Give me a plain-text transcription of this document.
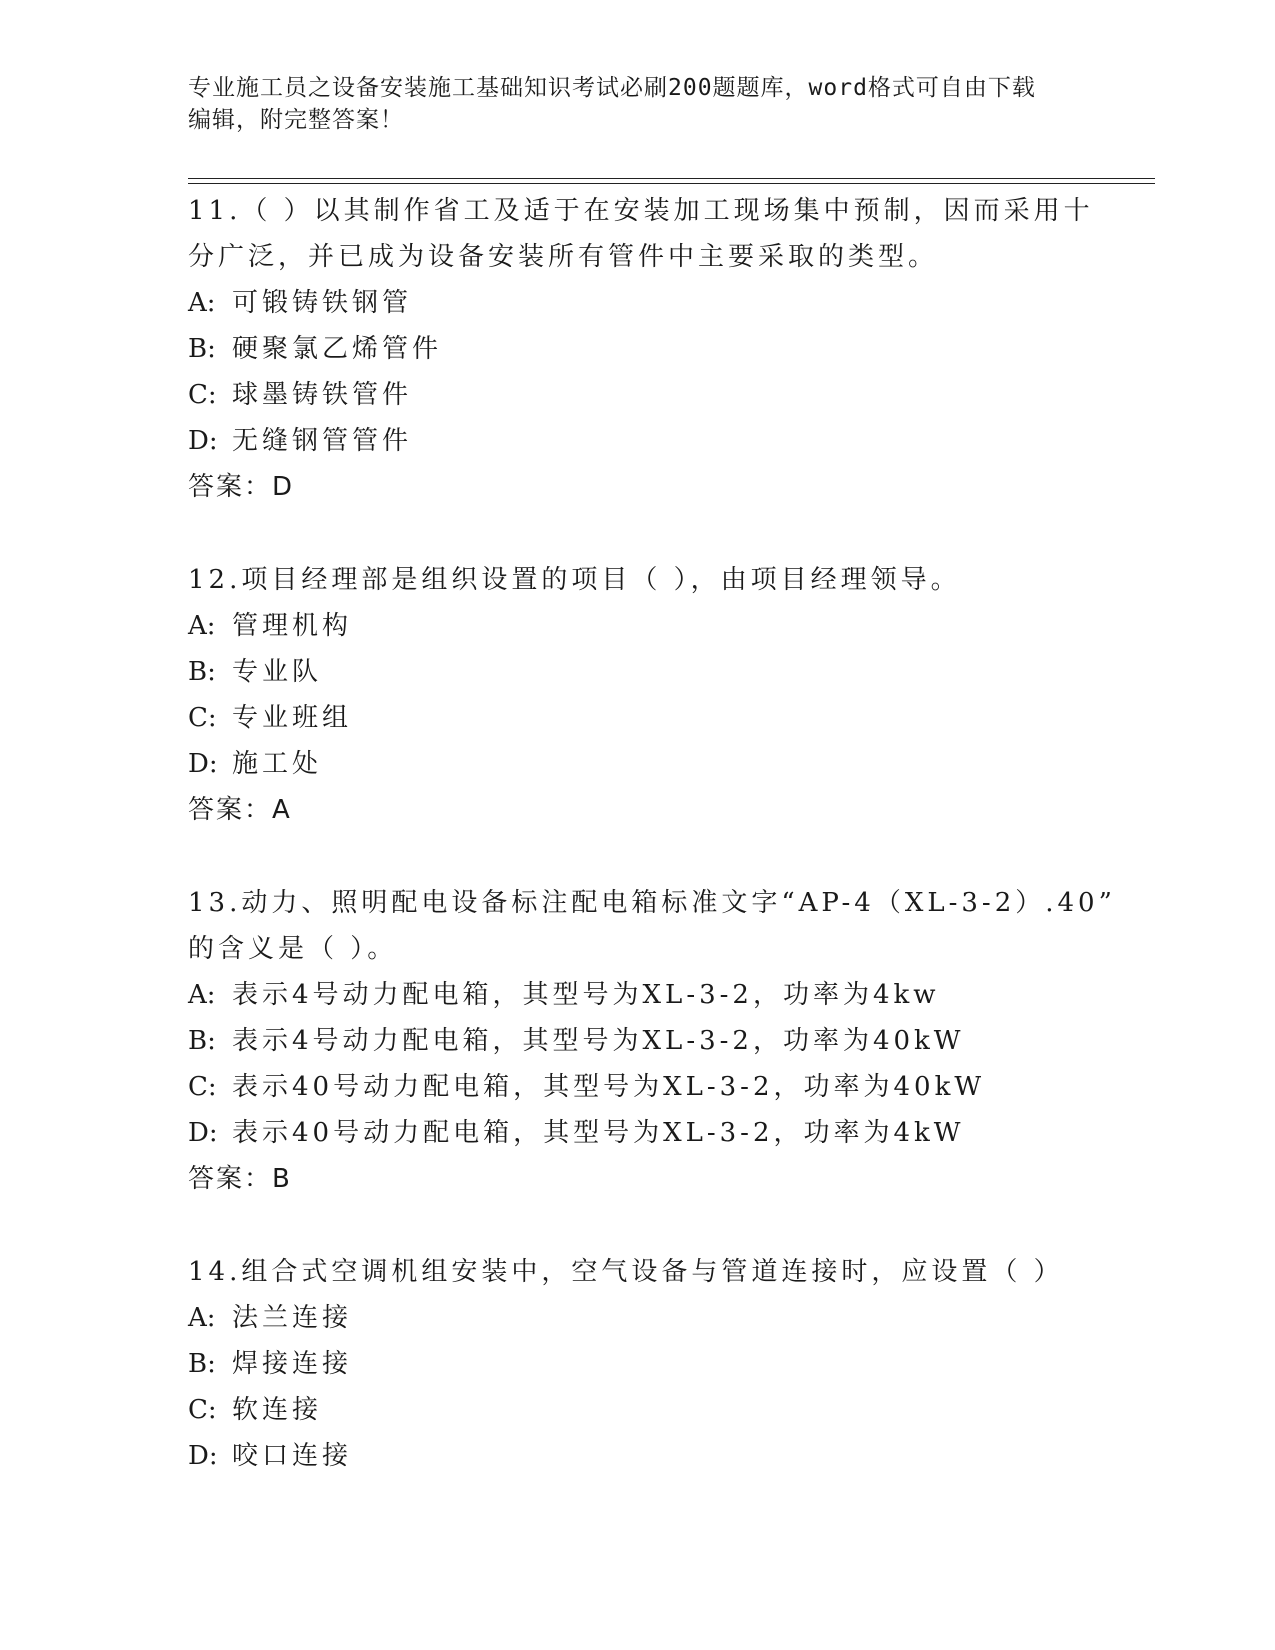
专业施工员之设备安装施工基础知识考试必刷200题题库，word格式可自由下载
编辑，附完整答案！
11.（ ）以其制作省工及适于在安装加工现场集中预制，因而采用十
分广泛，并已成为设备安装所有管件中主要采取的类型。
A: 可锻铸铁钢管
B: 硬聚氯乙烯管件
C: 球墨铸铁管件
D: 无缝钢管管件
答案：D
12.项目经理部是组织设置的项目（ ），由项目经理领导。
A: 管理机构
B: 专业队
C: 专业班组
D: 施工处
答案：A
13.动力、照明配电设备标注配电箱标准文字“AP-4（XL-3-2）.40”
的含义是（ ）。
A: 表示4号动力配电箱，其型号为XL-3-2，功率为4kw
B: 表示4号动力配电箱，其型号为XL-3-2，功率为40kW
C: 表示40号动力配电箱，其型号为XL-3-2，功率为40kW
D: 表示40号动力配电箱，其型号为XL-3-2，功率为4kW
答案：B
14.组合式空调机组安装中，空气设备与管道连接时，应设置（ ）
A: 法兰连接
B: 焊接连接
C: 软连接
D: 咬口连接
